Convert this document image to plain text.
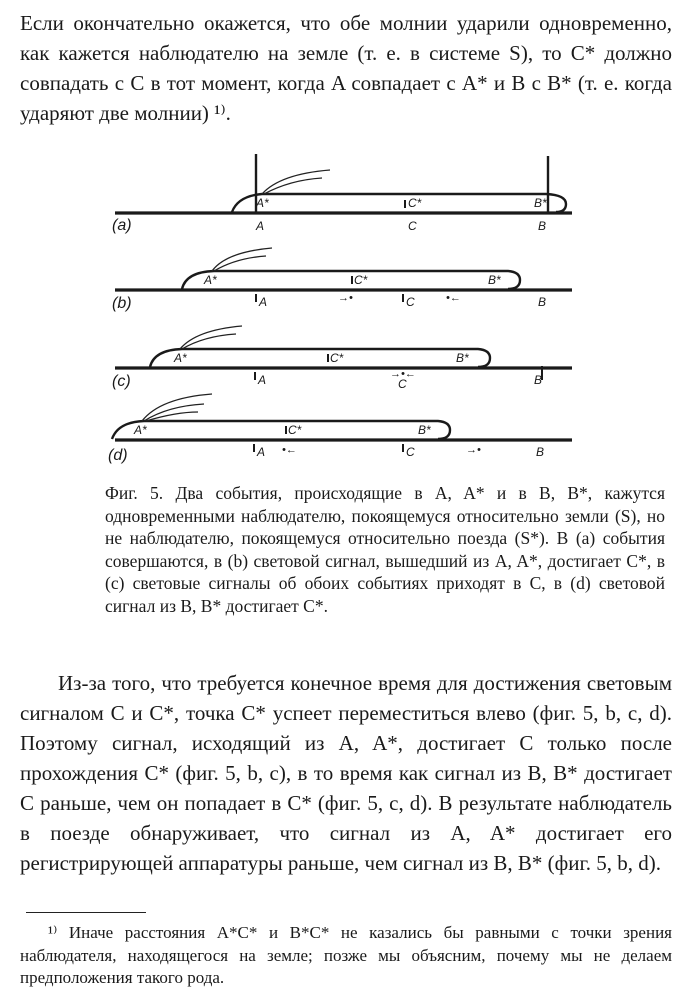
Если окончательно окажется, что обе молнии ударили одновременно, как кажется наблюдателю на земле (т. е. в системе S), то C* должно совпадать с C в тот момент, когда A совпадает с A* и B с B* (т. е. когда ударяют две молнии) ¹⁾.

(a)
A*	C*	B*
A	C	B
→•	•←
(b)
A*	C*	B*
A	C	B
→•←
(c)
A*	C*	B*
A	C	B
•←	→•
(d)
A*	C*	B*
A	C	B

Фиг. 5. Два события, происходящие в A, A* и в B, B*, кажутся одновременными наблюдателю, покоящемуся относительно земли (S), но не наблюдателю, покоящемуся относительно поезда (S*). В (a) события совершаются, в (b) световой сигнал, вышедший из A, A*, достигает C*, в (c) световые сигналы об обоих событиях приходят в C, в (d) световой сигнал из B, B* достигает C*.

Из-за того, что требуется конечное время для достижения световым сигналом C и C*, точка C* успеет переместиться влево (фиг. 5, b, c, d). Поэтому сигнал, исходящий из A, A*, достигает C только после прохождения C* (фиг. 5, b, c), в то время как сигнал из B, B* достигает C раньше, чем он попадает в C* (фиг. 5, c, d). В результате наблюдатель в поезде обнаруживает, что сигнал из A, A* достигает его регистрирующей аппаратуры раньше, чем сигнал из B, B* (фиг. 5, b, d).

¹⁾ Иначе расстояния A*C* и B*C* не казались бы равными с точки зрения наблюдателя, находящегося на земле; позже мы объясним, почему мы не делаем предположения такого рода.
